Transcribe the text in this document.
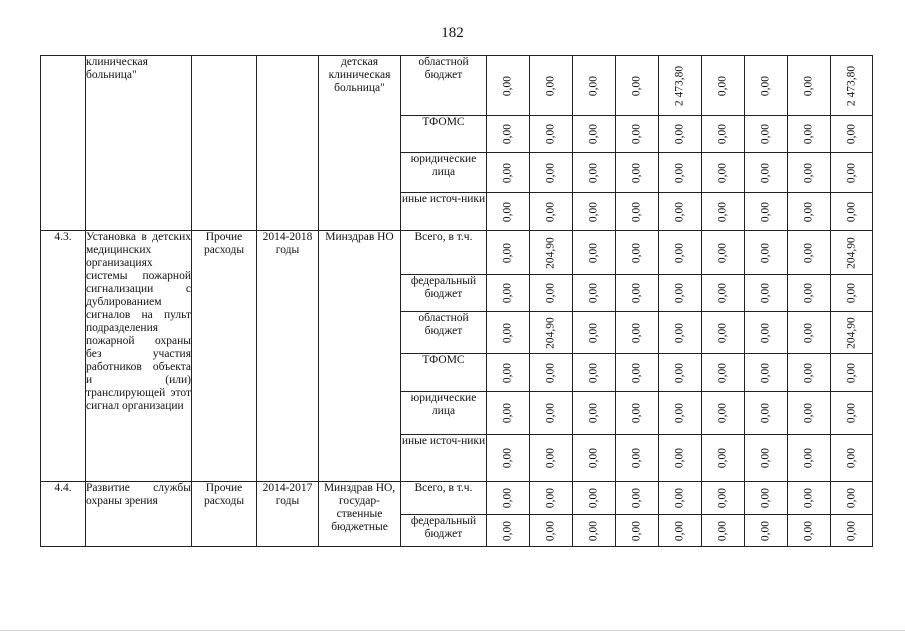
182
	клиническая больница"			детская клиническая больница"	областной бюджет	0,00	0,00	0,00	0,00	2 473,80	0,00	0,00	0,00	2 473,80

					ТФОМС	0,00	0,00	0,00	0,00	0,00	0,00	0,00	0,00	0,00

					юридические лица	0,00	0,00	0,00	0,00	0,00	0,00	0,00	0,00	0,00

					иные источ-ники	0,00	0,00	0,00	0,00	0,00	0,00	0,00	0,00	0,00

4.3.	Установка в детских медицинских организациях системы пожарной сигнализации с дублированием сигналов на пульт подразделения пожарной охраны без участия работников объекта и (или) транслирующей этот сигнал организации	Прочие расходы	2014-2018 годы	Минздрав НО	Всего, в т.ч.	0,00	204,90	0,00	0,00	0,00	0,00	0,00	0,00	204,90

					федеральный бюджет	0,00	0,00	0,00	0,00	0,00	0,00	0,00	0,00	0,00

					областной бюджет	0,00	204,90	0,00	0,00	0,00	0,00	0,00	0,00	204,90

					ТФОМС	0,00	0,00	0,00	0,00	0,00	0,00	0,00	0,00	0,00

					юридические лица	0,00	0,00	0,00	0,00	0,00	0,00	0,00	0,00	0,00

					иные источ-ники	0,00	0,00	0,00	0,00	0,00	0,00	0,00	0,00	0,00

4.4.	Развитие службы охраны зрения	Прочие расходы	2014-2017 годы	Минздрав НО, государ-ственные бюджетные	Всего, в т.ч.	0,00	0,00	0,00	0,00	0,00	0,00	0,00	0,00	0,00

					федеральный бюджет	0,00	0,00	0,00	0,00	0,00	0,00	0,00	0,00	0,00
